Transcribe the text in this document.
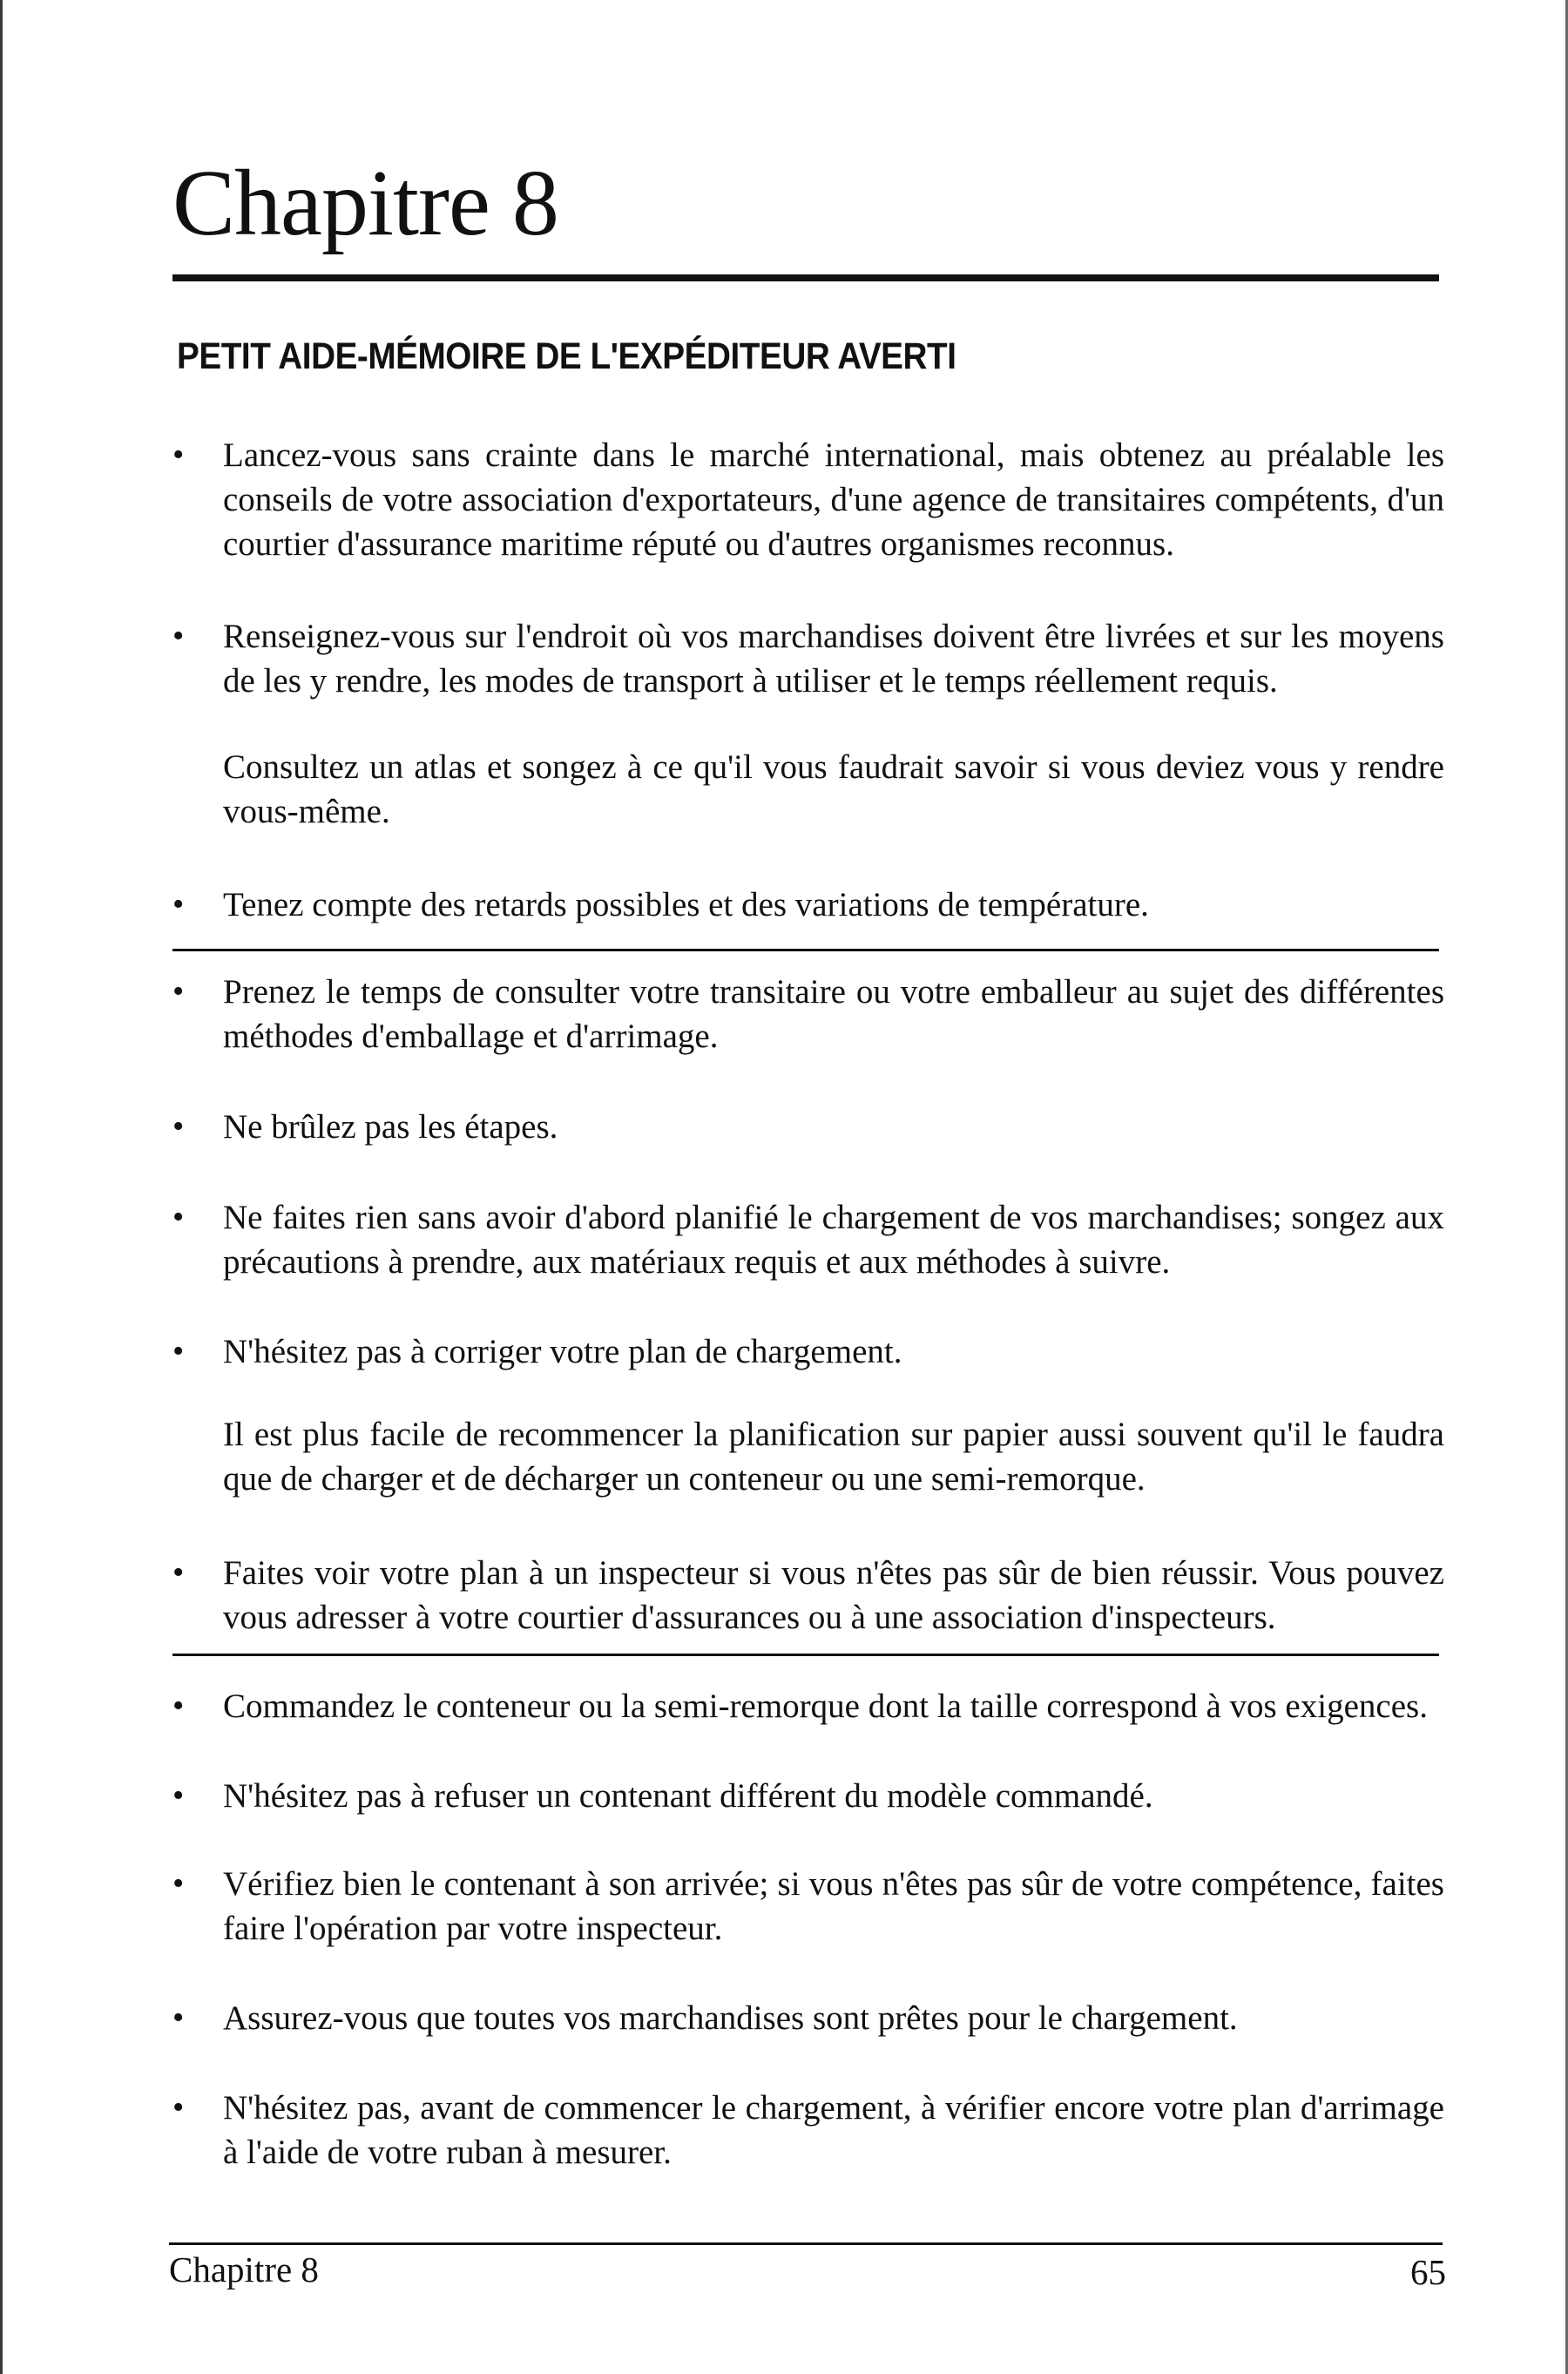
Chapitre 8
PETIT AIDE-MÉMOIRE DE L'EXPÉDITEUR AVERTI
• Lancez-vous sans crainte dans le marché international, mais obtenez au préalable les conseils de votre association d'exportateurs, d'une agence de transitaires compétents, d'un courtier d'assurance maritime réputé ou d'autres organismes reconnus.

• Renseignez-vous sur l'endroit où vos marchandises doivent être livrées et sur les moyens de les y rendre, les modes de transport à utiliser et le temps réellement requis.

Consultez un atlas et songez à ce qu'il vous faudrait savoir si vous deviez vous y rendre vous-même.

• Tenez compte des retards possibles et des variations de température.

• Prenez le temps de consulter votre transitaire ou votre emballeur au sujet des différentes méthodes d'emballage et d'arrimage.

• Ne brûlez pas les étapes.

• Ne faites rien sans avoir d'abord planifié le chargement de vos marchandises; songez aux précautions à prendre, aux matériaux requis et aux méthodes à suivre.

• N'hésitez pas à corriger votre plan de chargement.

Il est plus facile de recommencer la planification sur papier aussi souvent qu'il le faudra que de charger et de décharger un conteneur ou une semi-remorque.

• Faites voir votre plan à un inspecteur si vous n'êtes pas sûr de bien réussir. Vous pouvez vous adresser à votre courtier d'assurances ou à une association d'inspecteurs.

• Commandez le conteneur ou la semi-remorque dont la taille correspond à vos exigences.

• N'hésitez pas à refuser un contenant différent du modèle commandé.

• Vérifiez bien le contenant à son arrivée; si vous n'êtes pas sûr de votre compétence, faites faire l'opération par votre inspecteur.

• Assurez-vous que toutes vos marchandises sont prêtes pour le chargement.

• N'hésitez pas, avant de commencer le chargement, à vérifier encore votre plan d'arrimage à l'aide de votre ruban à mesurer.

Chapitre 8	65
